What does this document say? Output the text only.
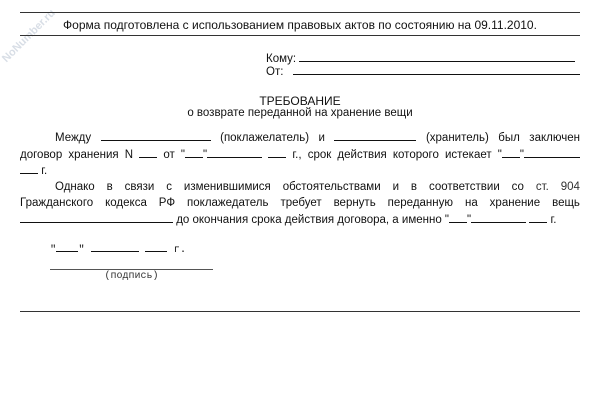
NoNumber.ru Форма подготовлена с использованием правовых актов по состоянию на 09.11.2010.
Кому:
От:
ТРЕБОВАНИЕ
о возврате переданной на хранение вещи
Между	(поклажелатель) и	(хранитель) был заключен
договор хранения N	от " "	г., срок действия которого истекает " "
г.
Однако в связи с изменившимися обстоятельствами и в соответствии со ст. 904
Гражданского кодекса РФ поклажедатель требует вернуть переданную на хранение вещь
до окончания срока действия договора, а именно " "	г.
" "	г.
(подпись)
